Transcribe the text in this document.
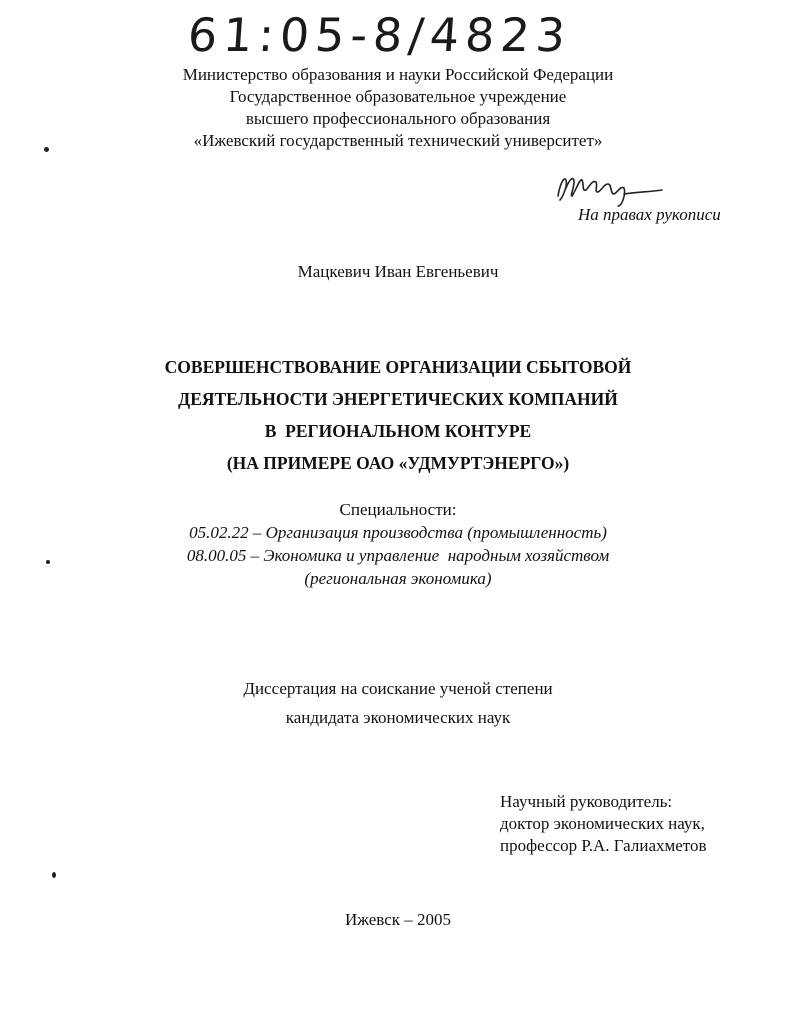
61:05-8/4823
Министерство образования и науки Российской Федерации
Государственное образовательное учреждение
высшего профессионального образования
«Ижевский государственный технический университет»
На правах рукописи
Мацкевич Иван Евгеньевич
СОВЕРШЕНСТВОВАНИЕ ОРГАНИЗАЦИИ СБЫТОВОЙ
ДЕЯТЕЛЬНОСТИ ЭНЕРГЕТИЧЕСКИХ КОМПАНИЙ
В  РЕГИОНАЛЬНОМ КОНТУРЕ
(НА ПРИМЕРЕ ОАО «УДМУРТЭНЕРГО»)
Специальности:
05.02.22 – Организация производства (промышленность)
08.00.05 – Экономика и управление  народным хозяйством
(региональная экономика)
Диссертация на соискание ученой степени
кандидата экономических наук
Научный руководитель:
доктор экономических наук,
профессор Р.А. Галиахметов
Ижевск – 2005
